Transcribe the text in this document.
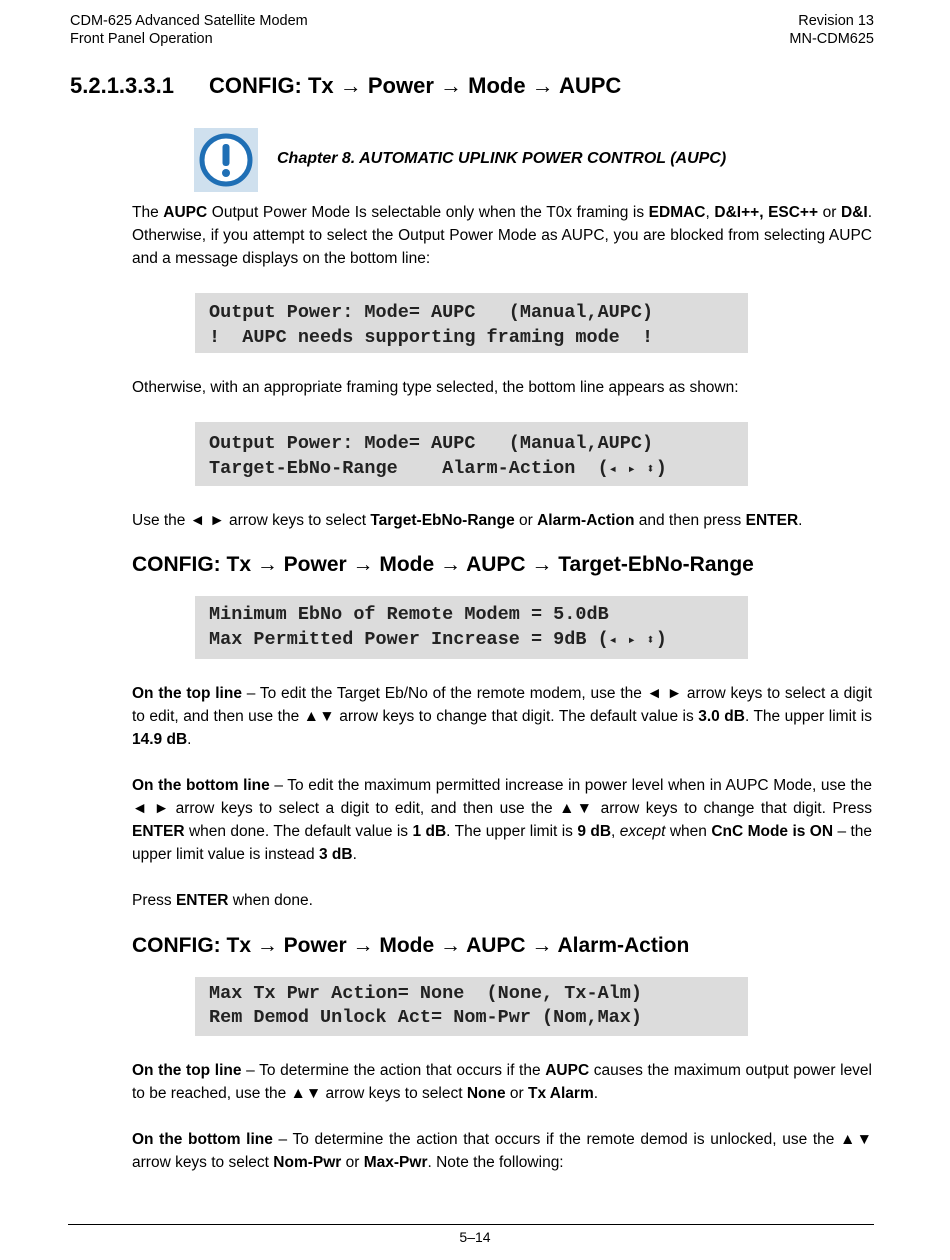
CDM-625 Advanced Satellite Modem
Front Panel Operation
Revision 13
MN-CDM625
5.2.1.3.3.1 CONFIG: Tx → Power → Mode → AUPC
Chapter 8. AUTOMATIC UPLINK POWER CONTROL (AUPC)
The AUPC Output Power Mode Is selectable only when the T0x framing is EDMAC, D&I++, ESC++ or D&I. Otherwise, if you attempt to select the Output Power Mode as AUPC, you are blocked from selecting AUPC and a message displays on the bottom line:
Output Power: Mode= AUPC   (Manual,AUPC)
!  AUPC needs supporting framing mode  !
Otherwise, with an appropriate framing type selected, the bottom line appears as shown:
Output Power: Mode= AUPC   (Manual,AUPC)
Target-EbNo-Range    Alarm-Action  (◂ ▸ ⬍)
Use the ◄ ► arrow keys to select Target-EbNo-Range or Alarm-Action and then press ENTER.
CONFIG: Tx → Power → Mode → AUPC → Target-EbNo-Range
Minimum EbNo of Remote Modem = 5.0dB
Max Permitted Power Increase = 9dB (◂ ▸ ⬍)
On the top line – To edit the Target Eb/No of the remote modem, use the ◄ ► arrow keys to select a digit to edit, and then use the ▲▼ arrow keys to change that digit. The default value is 3.0 dB. The upper limit is 14.9 dB.
On the bottom line – To edit the maximum permitted increase in power level when in AUPC Mode, use the ◄ ► arrow keys to select a digit to edit, and then use the ▲▼ arrow keys to change that digit. Press ENTER when done. The default value is 1 dB. The upper limit is 9 dB, except when CnC Mode is ON – the upper limit value is instead 3 dB.
Press ENTER when done.
CONFIG: Tx → Power → Mode → AUPC → Alarm-Action
Max Tx Pwr Action= None  (None, Tx-Alm)
Rem Demod Unlock Act= Nom-Pwr (Nom,Max)
On the top line – To determine the action that occurs if the AUPC causes the maximum output power level to be reached, use the ▲▼ arrow keys to select None or Tx Alarm.
On the bottom line – To determine the action that occurs if the remote demod is unlocked, use the ▲▼ arrow keys to select Nom-Pwr or Max-Pwr. Note the following:
5–14
